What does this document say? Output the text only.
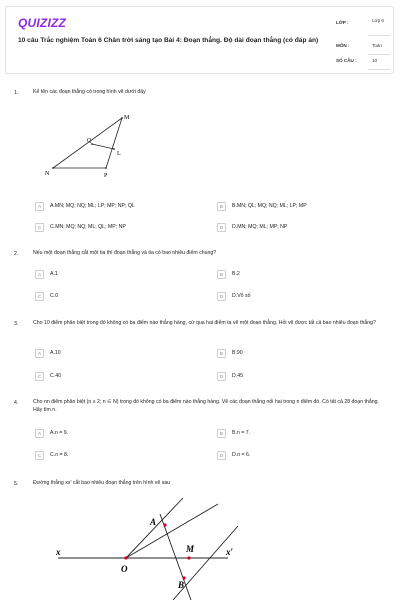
QUIZIZZ
10 câu Trắc nghiệm Toán 6 Chân trời sáng tạo Bài 4: Đoạn thẳng. Độ dài đoạn thẳng (có đáp án)
LỚP :	Lớp 6
MÔN :	Toán
SỐ CÂU :	10
1.	Kể tên các đoạn thẳng có trong hình vẽ dưới đây
M
Q
L
N	P
A	A.MN; MQ; NQ; ML; LP; MP; NP; QL	B	B.MN; QL; MQ; NQ; ML; LP; MP
C	C.MN; MQ; NQ; ML; QL; MP; NP	D	D.MN; MQ; ML; MP; NP
2.	Nếu một đoạn thẳng cắt một tia thì đoạn thẳng và tia có bao nhiêu điểm chung?
A	A.1	B	B.2
C	C.0	D	D.Vô số
3.	Cho 10 điểm phân biệt trong đó không có ba điểm nào thẳng hàng, cứ qua hai điểm ta vẽ một đoạn thẳng. Hỏi vẽ được tất cả bao nhiêu đoạn thẳng?
A	A.10	B	B.90
C	C.40	D	D.45
4.	Cho nn điểm phân biệt (n ≥ 2; n ∈ N) trong đó không có ba điểm nào thẳng hàng. Vẽ các đoạn thẳng nối hai trong n điểm đó. Có tất cả 28 đoạn thẳng. Hãy tìm n.
A	A.n = 9.	B	B.n = 7.
C	C.n = 8.	D	D.n = 6.
5.	Đường thẳng xx' cắt bao nhiêu đoạn thẳng trên hình vẽ sau
A
M
B
O
x	x′
